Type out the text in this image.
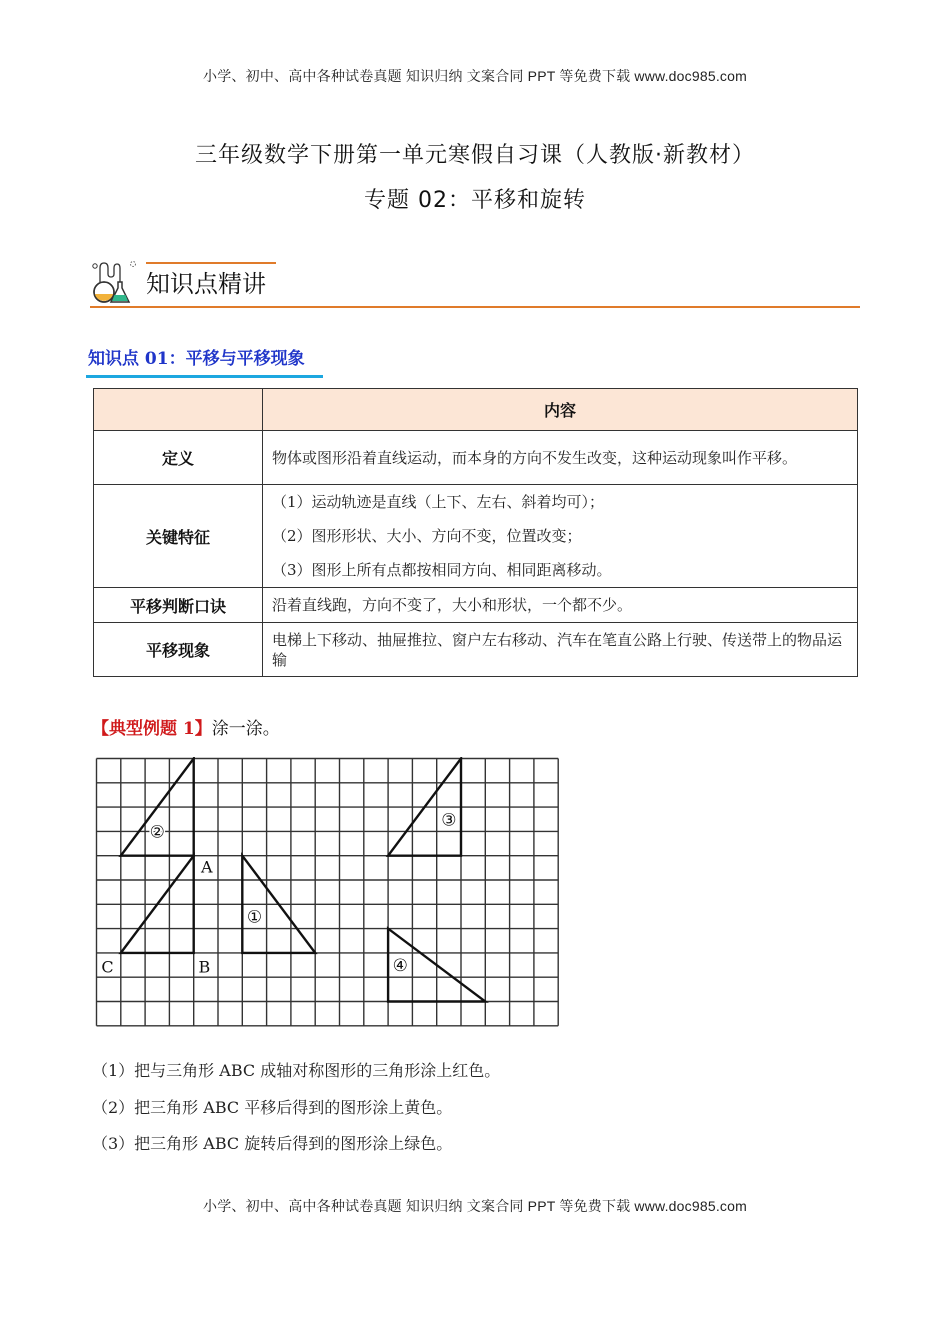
小学、初中、高中各种试卷真题 知识归纳 文案合同 PPT 等免费下载 www.doc985.com
三年级数学下册第一单元寒假自习课（人教版·新教材）
专题 02：平移和旋转
知识点精讲
知识点 01：平移与平移现象
	内容
定义	物体或图形沿着直线运动，而本身的方向不发生改变，这种运动现象叫作平移。
关键特征	（1）运动轨迹是直线（上下、左右、斜着均可）；
（2）图形形状、大小、方向不变，位置改变；
（3）图形上所有点都按相同方向、相同距离移动。

平移判断口诀	沿着直线跑，方向不变了，大小和形状，一个都不少。
平移现象	电梯上下移动、抽屉推拉、窗户左右移动、汽车在笔直公路上行驶、传送带上的物品运输
【典型例题 1】涂一涂。
②
A
B
C
①
③
④
（1）把与三角形 ABC 成轴对称图形的三角形涂上红色。
（2）把三角形 ABC 平移后得到的图形涂上黄色。
（3）把三角形 ABC 旋转后得到的图形涂上绿色。
小学、初中、高中各种试卷真题 知识归纳 文案合同 PPT 等免费下载 www.doc985.com
